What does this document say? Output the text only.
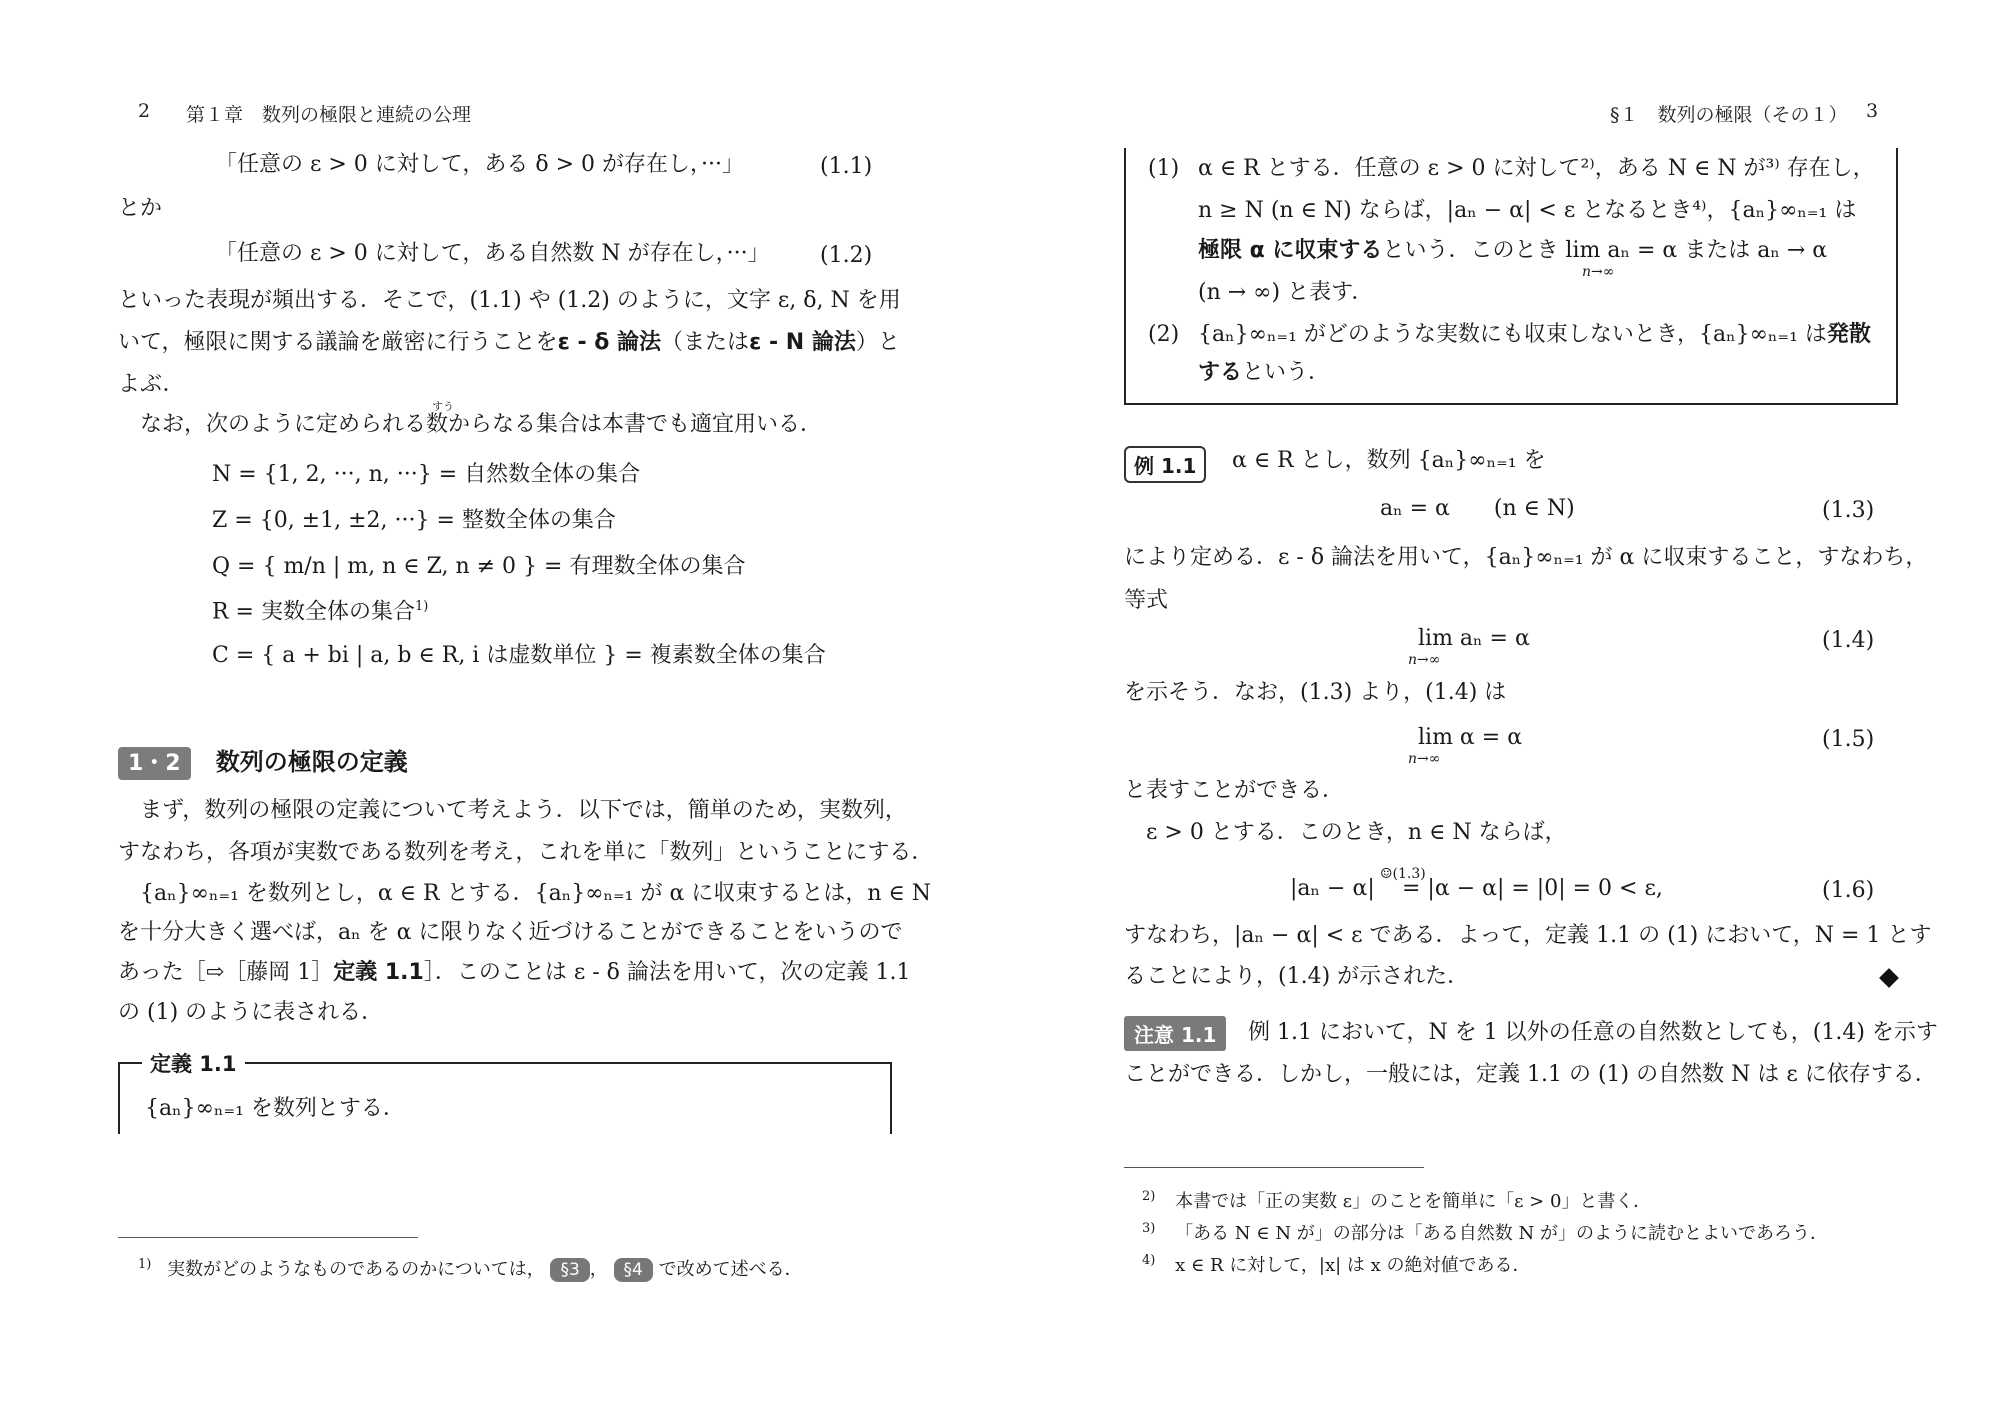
2 第１章　数列の極限と連続の公理
「任意の ε > 0 に対して，ある δ > 0 が存在し，···」	(1.1)
とか
「任意の ε > 0 に対して，ある自然数 N が存在し，···」 (1.2)
といった表現が頻出する．そこで，(1.1) や (1.2) のように，文字 ε, δ, N を用
いて，極限に関する議論を厳密に行うことをε - δ 論法（またはε - N 論法）と
よぶ．
すう
なお，次のように定められる数からなる集合は本書でも適宜用いる．
N = {1, 2, ···, n, ···} = 自然数全体の集合
Z = {0, ±1, ±2, ···} = 整数全体の集合
Q = { m/n | m, n ∈ Z, n ≠ 0 } = 有理数全体の集合
R = 実数全体の集合$^{1)}$
C = { a + bi | a, b ∈ R, i は虚数単位 } = 複素数全体の集合
1・2 数列の極限の定義
まず，数列の極限の定義について考えよう．以下では，簡単のため，実数列，
すなわち，各項が実数である数列を考え，これを単に「数列」ということにする．
{aₙ}∞ₙ₌₁ を数列とし，α ∈ R とする．{aₙ}∞ₙ₌₁ が α に収束するとは，n ∈ N
を十分大きく選べば，aₙ を α に限りなく近づけることができることをいうので
あった［⇨［藤岡 1］定義 1.1］．このことは ε - δ 論法を用いて，次の定義 1.1
の (1) のように表される．
定義 1.1
{aₙ}∞ₙ₌₁ を数列とする．
$^{1)}$ 実数がどのようなものであるのかについては， §3 ， §4 で改めて述べる．
§１　数列の極限（その１） 3
(1) α ∈ R とする．任意の ε > 0 に対して²⁾，ある N ∈ N が³⁾ 存在し，
n ≥ N (n ∈ N) ならば，|aₙ − α| < ε となるとき⁴⁾，{aₙ}∞ₙ₌₁ は
極限 α に収束するという．このとき lim aₙ = α または aₙ → α
n→∞
(n → ∞) と表す．
(2) {aₙ}∞ₙ₌₁ がどのような実数にも収束しないとき，{aₙ}∞ₙ₌₁ は発散
するという．
例 1.1	α ∈ R とし，数列 {aₙ}∞ₙ₌₁ を
aₙ = α　　(n ∈ N)	(1.3)
により定める．ε - δ 論法を用いて，{aₙ}∞ₙ₌₁ が α に収束すること，すなわち，
等式
lim aₙ = α
n→∞
(1.4)
を示そう．なお，(1.3) より，(1.4) は
lim α = α
n→∞
(1.5)
と表すことができる．
ε > 0 とする．このとき，n ∈ N ならば，
|aₙ − α|
☺(1.3)
= |α − α| = |0| = 0 < ε,	(1.6)
すなわち，|aₙ − α| < ε である．よって，定義 1.1 の (1) において，N = 1 とす
ることにより，(1.4) が示された．
注意 1.1	例 1.1 において，N を 1 以外の任意の自然数としても，(1.4) を示す
ことができる．しかし，一般には，定義 1.1 の (1) の自然数 N は ε に依存する．
$^{2)}$ 本書では「正の実数 ε」のことを簡単に「ε > 0」と書く．
$^{3)}$ 「ある N ∈ N が」の部分は「ある自然数 N が」のように読むとよいであろう．
$^{4)}$ x ∈ R に対して，|x| は x の絶対値である．
